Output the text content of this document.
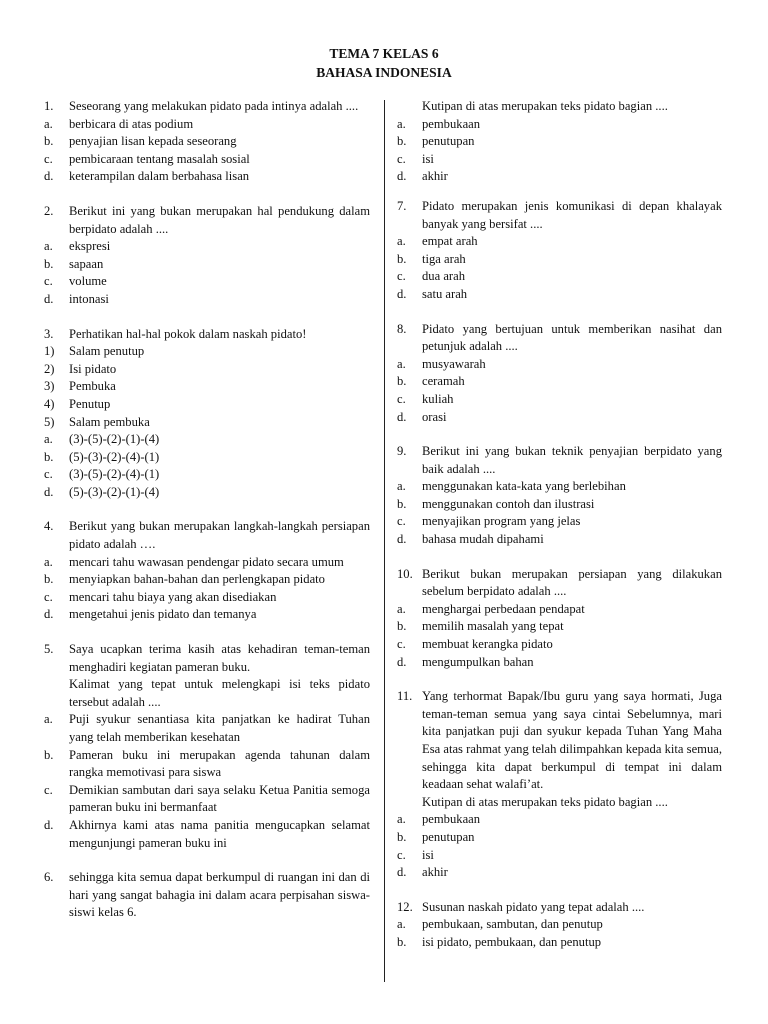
TEMA 7 KELAS 6
BAHASA INDONESIA
1.	Seseorang yang melakukan pidato pada intinya adalah ....
a.	berbicara di atas podium
b.	penyajian lisan kepada seseorang
c.	pembicaraan tentang masalah sosial
d.	keterampilan dalam berbahasa lisan
2.	Berikut ini yang bukan merupakan hal pendukung dalam berpidato adalah ....
a.	ekspresi
b.	sapaan
c.	volume
d.	intonasi
3.	Perhatikan hal-hal pokok dalam naskah pidato!
1)	Salam penutup
2)	Isi pidato
3)	Pembuka
4)	Penutup
5)	Salam pembuka
a.	(3)-(5)-(2)-(1)-(4)
b.	(5)-(3)-(2)-(4)-(1)
c.	(3)-(5)-(2)-(4)-(1)
d.	(5)-(3)-(2)-(1)-(4)
4.	Berikut yang bukan merupakan langkah-langkah persiapan pidato adalah ….
a.	mencari tahu wawasan pendengar pidato secara umum
b.	menyiapkan bahan-bahan dan perlengkapan pidato
c.	mencari tahu biaya yang akan disediakan
d.	mengetahui jenis pidato dan temanya
5.	Saya ucapkan terima kasih atas kehadiran teman-teman menghadiri kegiatan pameran buku.
Kalimat yang tepat untuk melengkapi isi teks pidato tersebut adalah ....
a.	Puji syukur senantiasa kita panjatkan ke hadirat Tuhan yang telah memberikan kesehatan
b.	Pameran buku ini merupakan agenda tahunan dalam rangka memotivasi para siswa
c.	Demikian sambutan dari saya selaku Ketua Panitia semoga pameran buku ini bermanfaat
d.	Akhirnya kami atas nama panitia mengucapkan selamat mengunjungi pameran buku ini
6.	sehingga kita semua dapat berkumpul di ruangan ini dan di hari yang sangat bahagia ini dalam acara perpisahan siswa-siswi kelas 6.
Kutipan di atas merupakan teks pidato bagian ....
a.	pembukaan
b.	penutupan
c.	isi
d.	akhir
7.	Pidato merupakan jenis komunikasi di depan khalayak banyak yang bersifat ....
a.	empat arah
b.	tiga arah
c.	dua arah
d.	satu arah
8.	Pidato yang bertujuan untuk memberikan nasihat dan petunjuk adalah ....
a.	musyawarah
b.	ceramah
c.	kuliah
d.	orasi
9.	Berikut ini yang bukan teknik penyajian berpidato yang baik adalah ....
a.	menggunakan kata-kata yang berlebihan
b.	menggunakan contoh dan ilustrasi
c.	menyajikan program yang jelas
d.	bahasa mudah dipahami
10. Berikut bukan merupakan persiapan yang dilakukan sebelum berpidato adalah ....
a.	menghargai perbedaan pendapat
b.	memilih masalah yang tepat
c.	membuat kerangka pidato
d.	mengumpulkan bahan
11. Yang terhormat Bapak/Ibu guru yang saya hormati, Juga teman-teman semua yang saya cintai Sebelumnya, mari kita panjatkan puji dan syukur kepada Tuhan Yang Maha Esa atas rahmat yang telah dilimpahkan kepada kita semua, sehingga kita dapat berkumpul di tempat ini dalam keadaan sehat walafi’at.
Kutipan di atas merupakan teks pidato bagian ....
a.	pembukaan
b.	penutupan
c.	isi
d.	akhir
12. Susunan naskah pidato yang tepat adalah ....
a.	pembukaan, sambutan, dan penutup
b.	isi pidato, pembukaan, dan penutup
